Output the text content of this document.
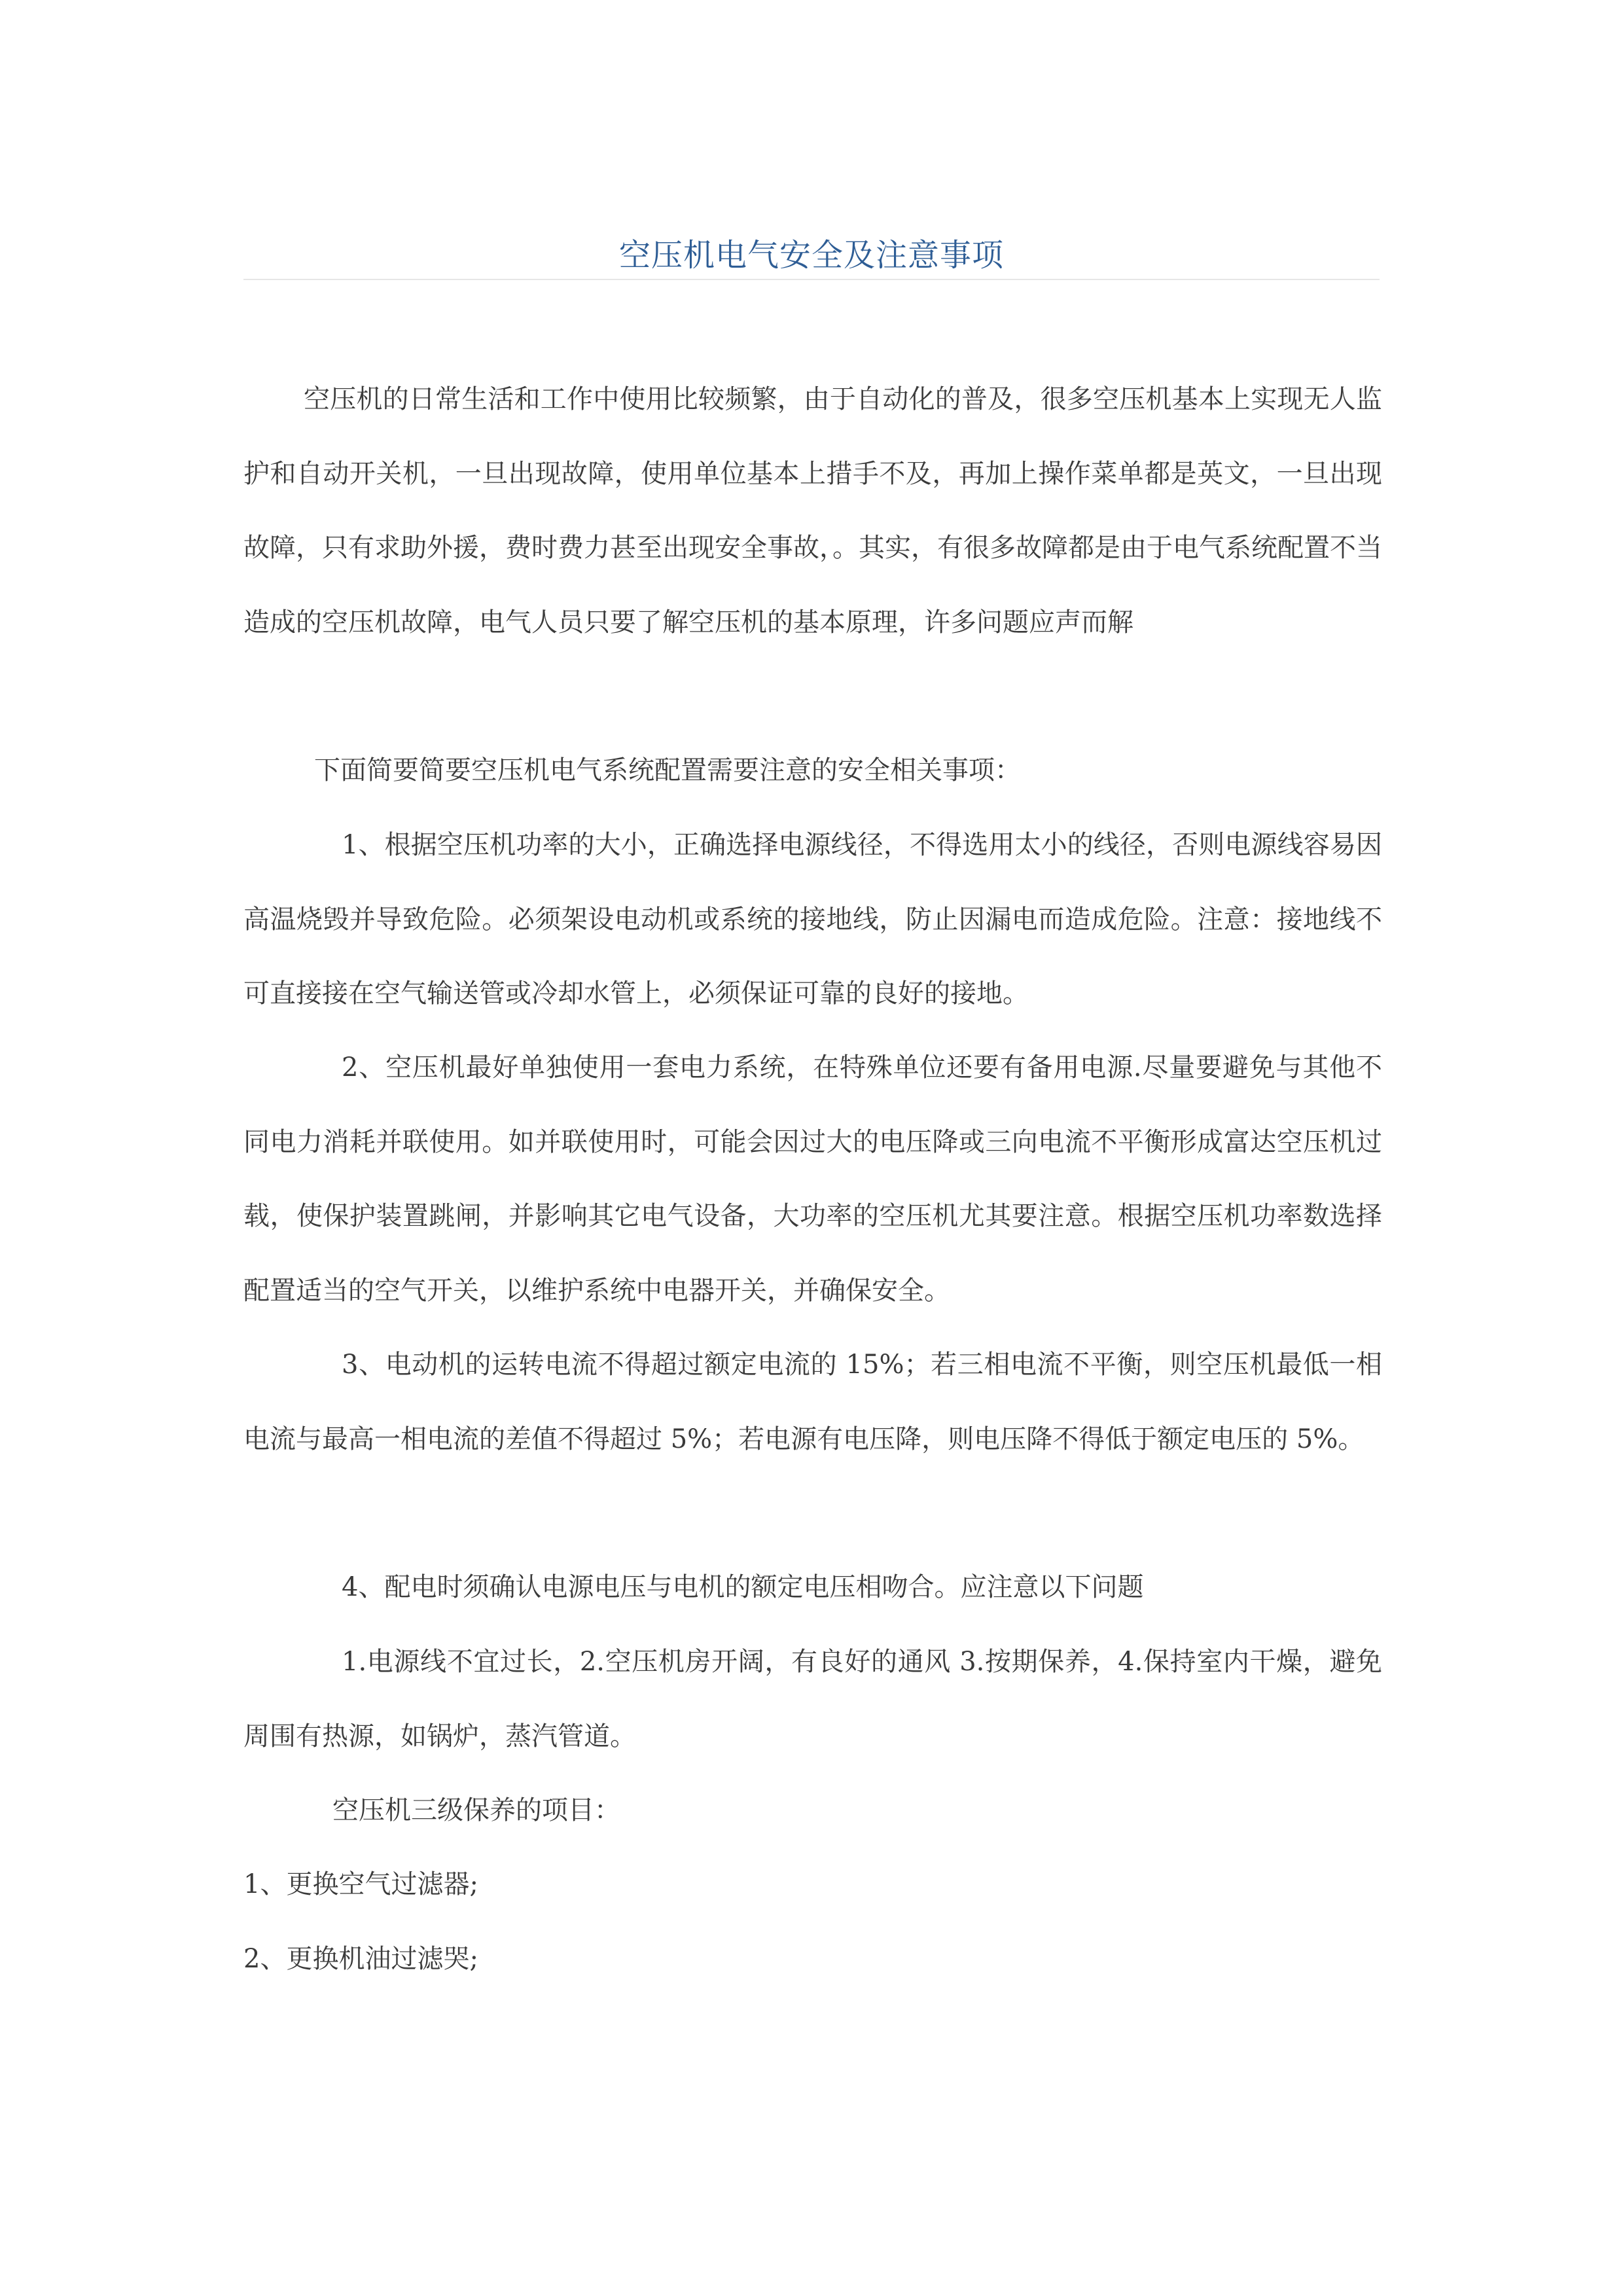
空压机电气安全及注意事项

空压机的日常生活和工作中使用比较频繁，由于自动化的普及，很多空压机基本上实现无人监护和自动开关机，一旦出现故障，使用单位基本上措手不及，再加上操作菜单都是英文，一旦出现故障，只有求助外援，费时费力甚至出现安全事故，。其实，有很多故障都是由于电气系统配置不当造成的空压机故障，电气人员只要了解空压机的基本原理，许多问题应声而解

下面简要简要空压机电气系统配置需要注意的安全相关事项：

1、根据空压机功率的大小，正确选择电源线径，不得选用太小的线径，否则电源线容易因高温烧毁并导致危险。必须架设电动机或系统的接地线，防止因漏电而造成危险。注意：接地线不可直接接在空气输送管或冷却水管上，必须保证可靠的良好的接地。

2、空压机最好单独使用一套电力系统，在特殊单位还要有备用电源.尽量要避免与其他不同电力消耗并联使用。如并联使用时，可能会因过大的电压降或三向电流不平衡形成富达空压机过载，使保护装置跳闸，并影响其它电气设备，大功率的空压机尤其要注意。根据空压机功率数选择配置适当的空气开关，以维护系统中电器开关，并确保安全。

3、电动机的运转电流不得超过额定电流的 15%；若三相电流不平衡，则空压机最低一相电流与最高一相电流的差值不得超过 5%；若电源有电压降，则电压降不得低于额定电压的 5%。

4、配电时须确认电源电压与电机的额定电压相吻合。应注意以下问题

1.电源线不宜过长，2.空压机房开阔，有良好的通风 3.按期保养，4.保持室内干燥，避免周围有热源，如锅炉，蒸汽管道。

空压机三级保养的项目：

1、更换空气过滤器;

2、更换机油过滤哭;
